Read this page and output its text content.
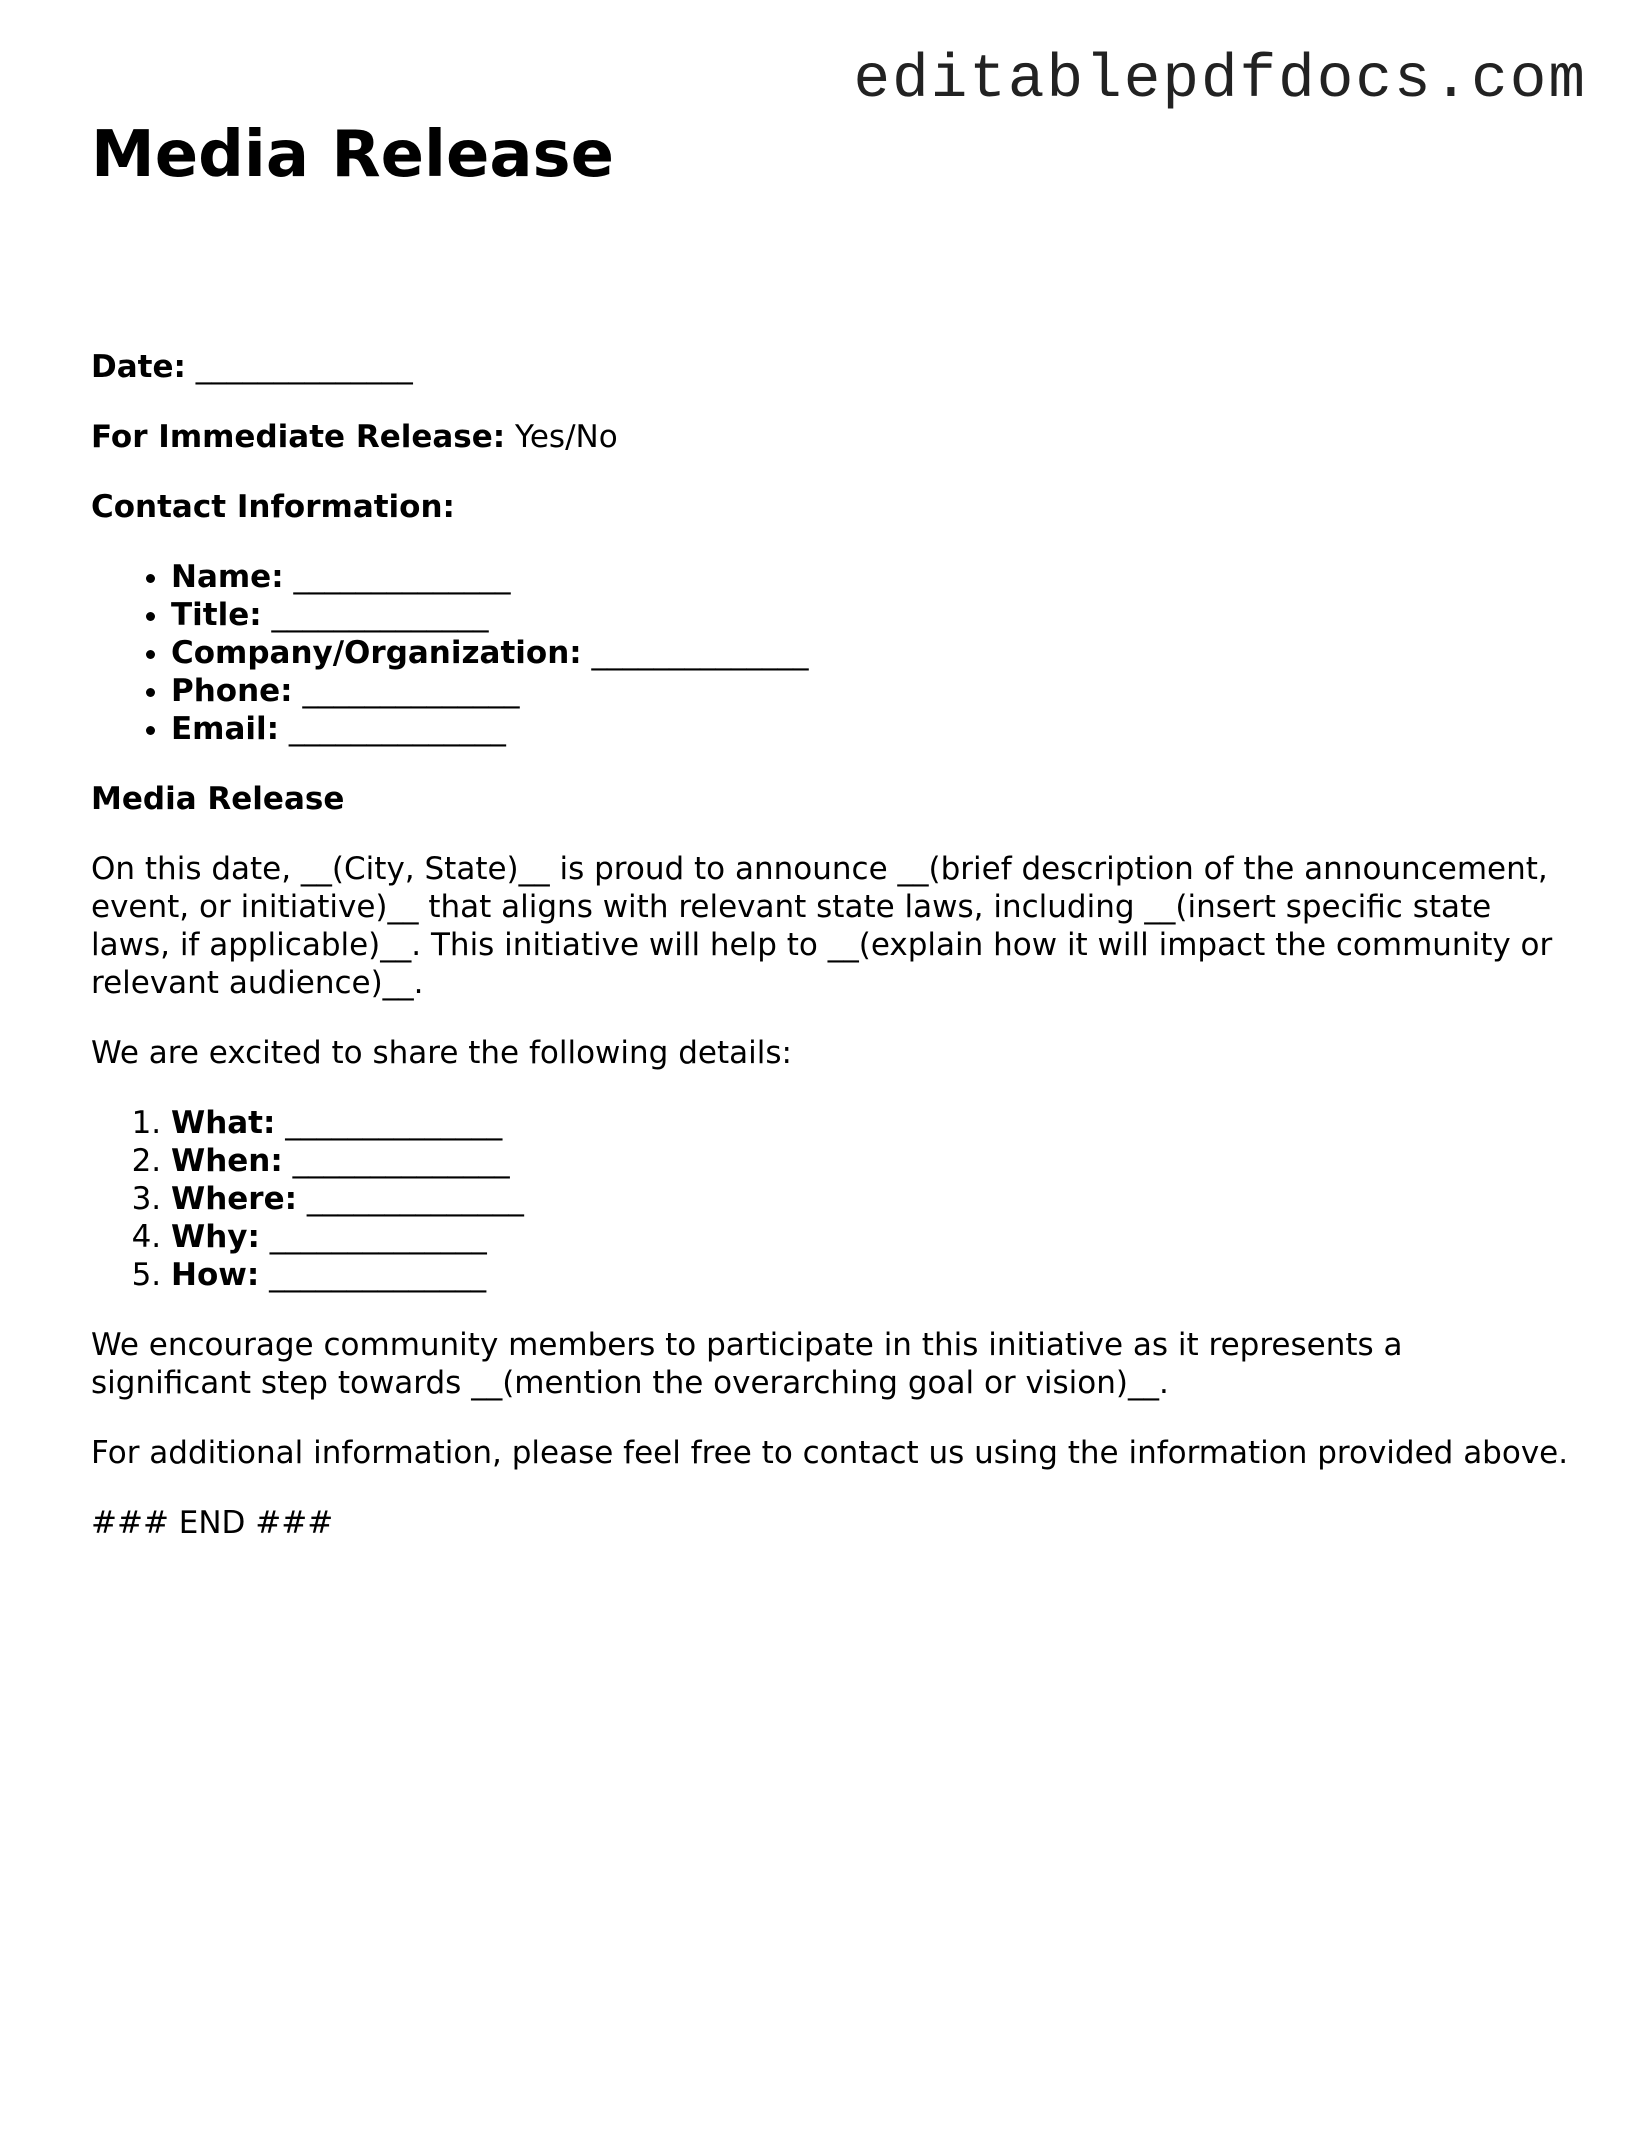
editablepdfdocs.com
Media Release

Date: ______________

For Immediate Release: Yes/No

Contact Information:

• Name: ______________
• Title: ______________
• Company/Organization: ______________
• Phone: ______________
• Email: ______________

Media Release

On this date, __(City, State)__ is proud to announce __(brief description of the announcement, event, or initiative)__ that aligns with relevant state laws, including __(insert specific state laws, if applicable)__. This initiative will help to __(explain how it will impact the community or relevant audience)__.

We are excited to share the following details:

1. What: ______________
2. When: ______________
3. Where: ______________
4. Why: ______________
5. How: ______________

We encourage community members to participate in this initiative as it represents a significant step towards __(mention the overarching goal or vision)__.

For additional information, please feel free to contact us using the information provided above.

### END ###
